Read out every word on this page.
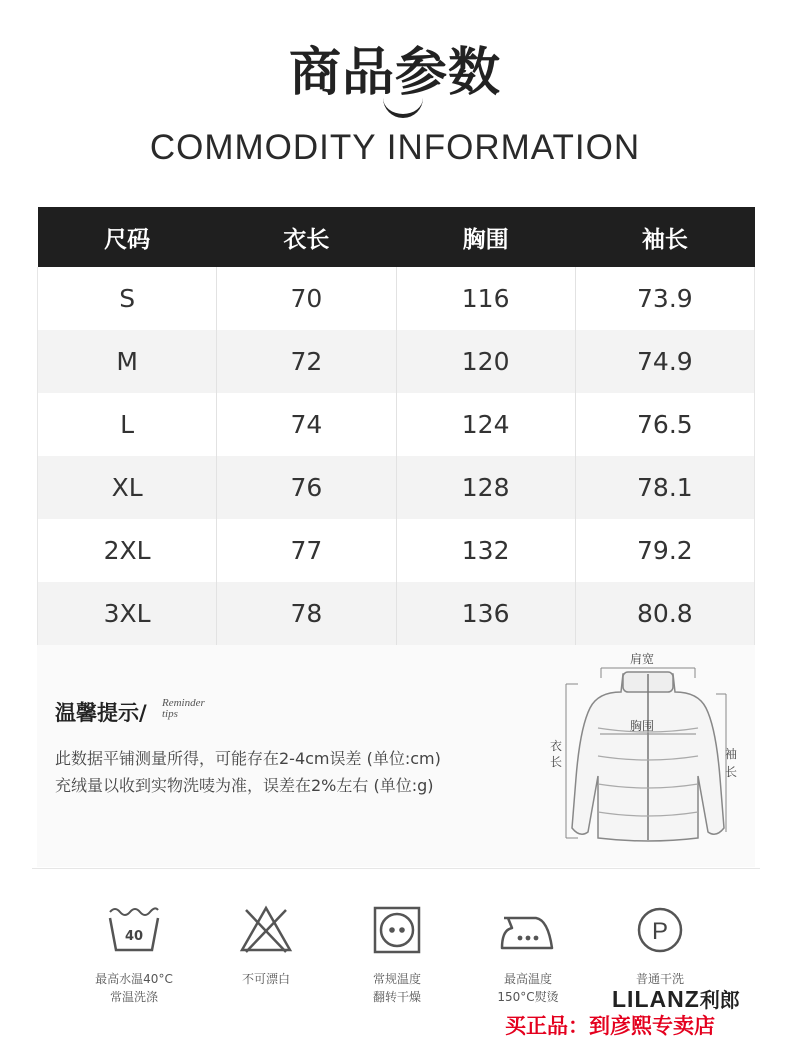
商品参数
COMMODITY INFORMATION
尺码	衣长	胸围	袖长
S	70	116	73.9
M	72	120	74.9
L	74	124	76.5
XL	76	128	78.1
2XL	77	132	79.2
3XL	78	136	80.8
温馨提示/ Reminder
tips
此数据平铺测量所得，可能存在2-4cm误差 (单位:cm)
充绒量以收到实物洗唛为准，误差在2%左右 (单位:g)
肩宽
胸围
衣
长
袖
长
40
最高水温40°C
常温洗涤
不可漂白	常规温度
翻转干燥
最高温度
150°C熨烫
P
普通干洗
LILANZ利郎
买正品：到彦熙专卖店
